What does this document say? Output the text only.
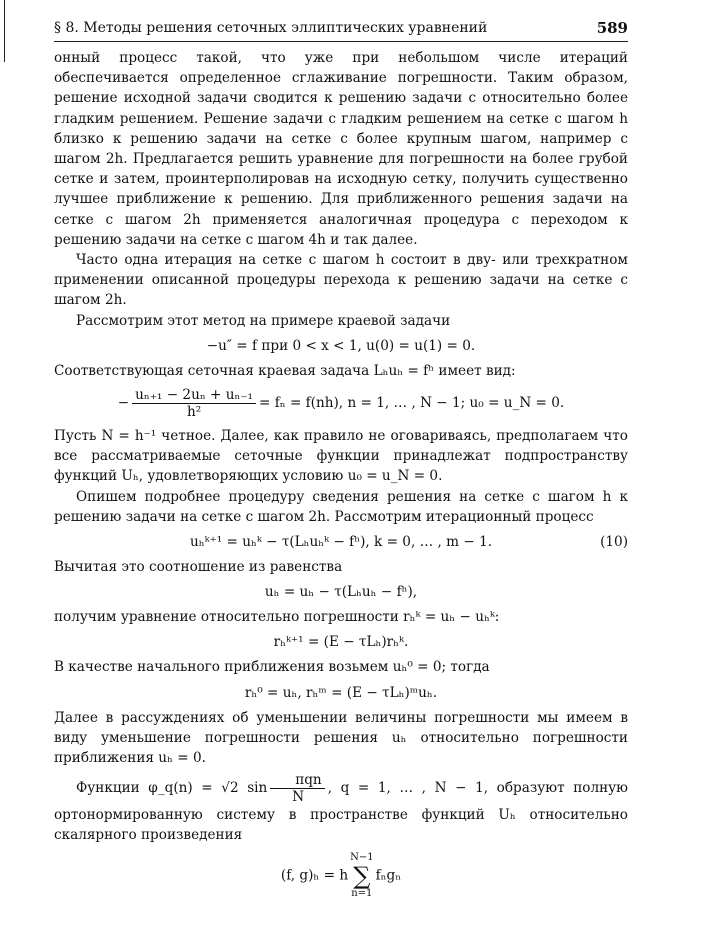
§ 8. Методы решения сеточных эллиптических уравнений	589

онный процесс такой, что уже при небольшом числе итераций обеспечивается определенное сглаживание погрешности. Таким образом, решение исходной задачи сводится к решению задачи с относительно более гладким решением. Решение задачи с гладким решением на сетке с шагом h близко к решению задачи на сетке с более крупным шагом, например с шагом 2h. Предлагается решить уравнение для погрешности на более грубой сетке и затем, проинтерполировав на исходную сетку, получить существенно лучшее приближение к решению. Для приближенного решения задачи на сетке с шагом 2h применяется аналогичная процедура с переходом к решению задачи на сетке с шагом 4h и так далее.

Часто одна итерация на сетке с шагом h состоит в дву- или трехкратном применении описанной процедуры перехода к решению задачи на сетке с шагом 2h.

Рассмотрим этот метод на примере краевой задачи

−u″ = f при 0 < x < 1, u(0) = u(1) = 0.

Соответствующая сеточная краевая задача Lₕuₕ = fʰ имеет вид:

− $\frac{\text{uₙ₊₁ − 2uₙ + uₙ₋₁}}{\text{h²}} = f_n = f(nh)$, n = 1, … , N − 1; u₀ = u_N = 0.

Пусть N = h⁻¹ четное. Далее, как правило не оговариваясь, предполагаем что все рассматриваемые сеточные функции принадлежат подпространству функций Uₕ, удовлетворяющих условию u₀ = u_N = 0.

Опишем подробнее процедуру сведения решения на сетке с шагом h к решению задачи на сетке с шагом 2h. Рассмотрим итерационный процесс

uₕᵏ⁺¹ = uₕᵏ − τ(Lₕuₕᵏ − fʰ), k = 0, … , m − 1.	(10)

Вычитая это соотношение из равенства

uₕ = uₕ − τ(Lₕuₕ − fʰ),

получим уравнение относительно погрешности rₕᵏ = uₕ − uₕᵏ:

rₕᵏ⁺¹ = (E − τLₕ)rₕᵏ.

В качестве начального приближения возьмем uₕ⁰ = 0; тогда

rₕ⁰ = uₕ, rₕᵐ = (E − τLₕ)ᵐuₕ.

Далее в рассуждениях об уменьшении величины погрешности мы имеем в виду уменьшение погрешности решения uₕ относительно погрешности приближения uₕ = 0.

Функции φ_q(n) = √2 $\sin \frac{\text{πqn}}{N}$ , q = 1, … , N − 1, образуют полную ортонормированную систему в пространстве функций Uₕ относительно скалярного произведения

(f, g)ₕ = h
N−1
∑
n=1
fₙgₙ
